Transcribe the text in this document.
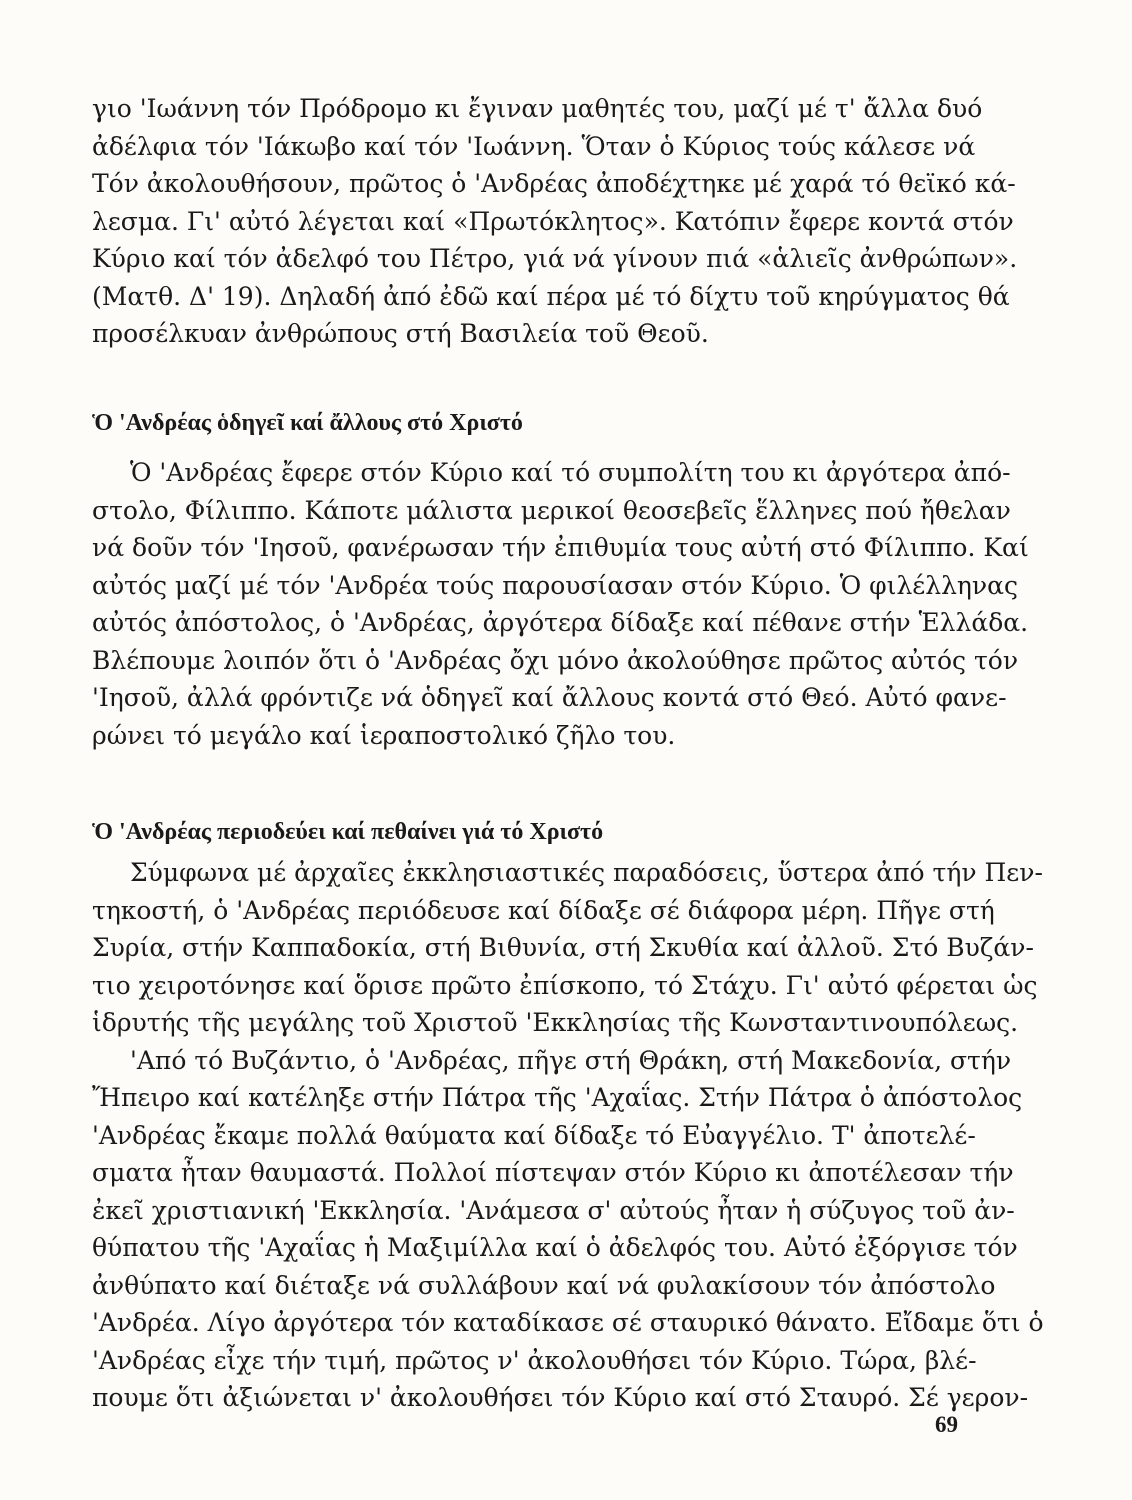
γιο 'Ιωάννη τόν Πρόδρομο κι ἔγιναν μαθητές του, μαζί μέ τ' ἄλλα δυό
ἀδέλφια τόν 'Ιάκωβο καί τόν 'Ιωάννη. Ὅταν ὁ Κύριος τούς κάλεσε νά
Τόν ἀκολουθήσουν, πρῶτος ὁ 'Ανδρέας ἀποδέχτηκε μέ χαρά τό θεϊκό κά-
λεσμα. Γι' αὐτό λέγεται καί «Πρωτόκλητος». Κατόπιν ἔφερε κοντά στόν
Κύριο καί τόν ἀδελφό του Πέτρο, γιά νά γίνουν πιά «ἁλιεῖς ἀνθρώπων».
(Ματθ. Δ' 19). Δηλαδή ἀπό ἐδῶ καί πέρα μέ τό δίχτυ τοῦ κηρύγματος θά
προσέλκυαν ἀνθρώπους στή Βασιλεία τοῦ Θεοῦ.
Ὁ 'Ανδρέας ὁδηγεῖ καί ἄλλους στό Χριστό
Ὁ 'Ανδρέας ἔφερε στόν Κύριο καί τό συμπολίτη του κι ἀργότερα ἀπό-
στολο, Φίλιππο. Κάποτε μάλιστα μερικοί θεοσεβεῖς ἕλληνες πού ἤθελαν
νά δοῦν τόν 'Ιησοῦ, φανέρωσαν τήν ἐπιθυμία τους αὐτή στό Φίλιππο. Καί
αὐτός μαζί μέ τόν 'Ανδρέα τούς παρουσίασαν στόν Κύριο. Ὁ φιλέλληνας
αὐτός ἀπόστολος, ὁ 'Ανδρέας, ἀργότερα δίδαξε καί πέθανε στήν Ἑλλάδα.
Βλέπουμε λοιπόν ὅτι ὁ 'Ανδρέας ὄχι μόνο ἀκολούθησε πρῶτος αὐτός τόν
'Ιησοῦ, ἀλλά φρόντιζε νά ὁδηγεῖ καί ἄλλους κοντά στό Θεό. Αὐτό φανε-
ρώνει τό μεγάλο καί ἱεραποστολικό ζῆλο του.
Ὁ 'Ανδρέας περιοδεύει καί πεθαίνει γιά τό Χριστό
Σύμφωνα μέ ἀρχαῖες ἐκκλησιαστικές παραδόσεις, ὕστερα ἀπό τήν Πεν-
τηκοστή, ὁ 'Ανδρέας περιόδευσε καί δίδαξε σέ διάφορα μέρη. Πῆγε στή
Συρία, στήν Καππαδοκία, στή Βιθυνία, στή Σκυθία καί ἀλλοῦ. Στό Βυζάν-
τιο χειροτόνησε καί ὅρισε πρῶτο ἐπίσκοπο, τό Στάχυ. Γι' αὐτό φέρεται ὡς
ἱδρυτής τῆς μεγάλης τοῦ Χριστοῦ 'Εκκλησίας τῆς Κωνσταντινουπόλεως.
'Από τό Βυζάντιο, ὁ 'Ανδρέας, πῆγε στή Θράκη, στή Μακεδονία, στήν
Ἤπειρο καί κατέληξε στήν Πάτρα τῆς 'Αχαΐας. Στήν Πάτρα ὁ ἀπόστολος
'Ανδρέας ἔκαμε πολλά θαύματα καί δίδαξε τό Εὐαγγέλιο. Τ' ἀποτελέ-
σματα ἦταν θαυμαστά. Πολλοί πίστεψαν στόν Κύριο κι ἀποτέλεσαν τήν
ἐκεῖ χριστιανική 'Εκκλησία. 'Ανάμεσα σ' αὐτούς ἦταν ἡ σύζυγος τοῦ ἀν-
θύπατου τῆς 'Αχαΐας ἡ Μαξιμίλλα καί ὁ ἀδελφός του. Αὐτό ἐξόργισε τόν
ἀνθύπατο καί διέταξε νά συλλάβουν καί νά φυλακίσουν τόν ἀπόστολο
'Ανδρέα. Λίγο ἀργότερα τόν καταδίκασε σέ σταυρικό θάνατο. Εἴδαμε ὅτι ὁ
'Ανδρέας εἶχε τήν τιμή, πρῶτος ν' ἀκολουθήσει τόν Κύριο. Τώρα, βλέ-
πουμε ὅτι ἀξιώνεται ν' ἀκολουθήσει τόν Κύριο καί στό Σταυρό. Σέ γερον-
69
